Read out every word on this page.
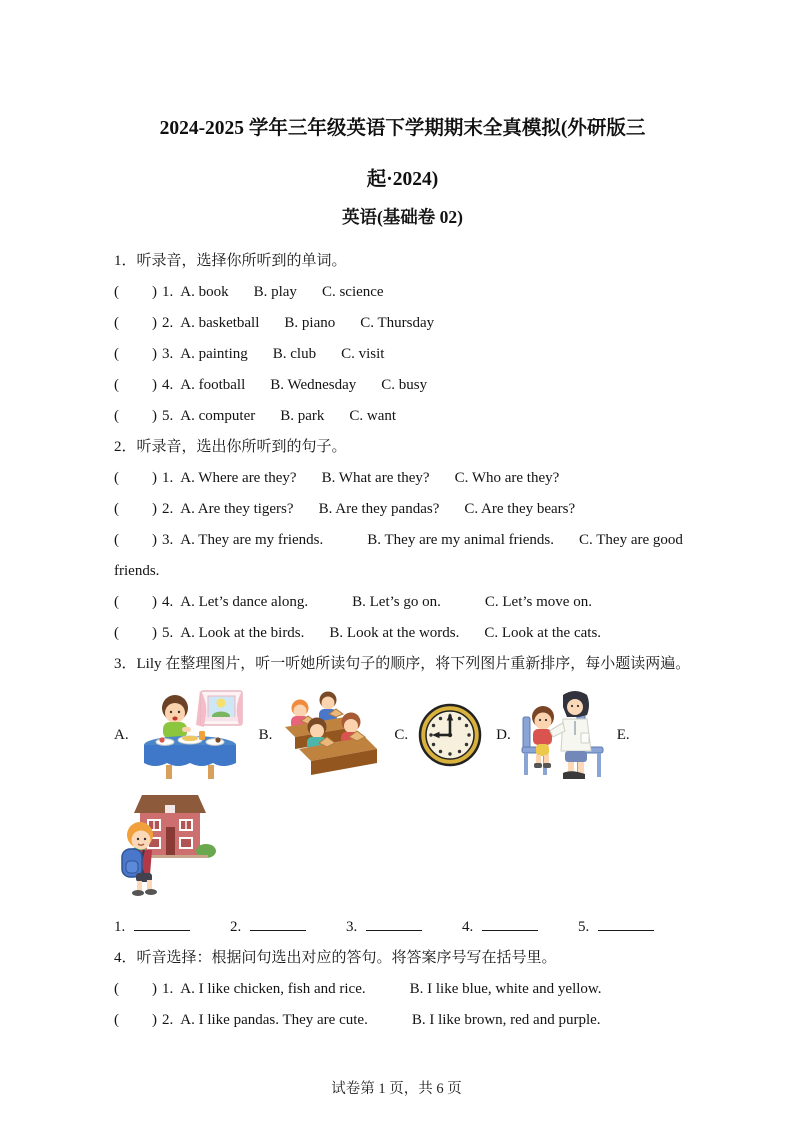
2024-2025 学年三年级英语下学期期末全真模拟(外研版三
起·2024)
英语(基础卷 02)
1．听录音，选择你所听到的单词。
( ) 1. A. book B. play C. science
( ) 2. A. basketball B. piano C. Thursday
( ) 3. A. painting B. club C. visit
( ) 4. A. football B. Wednesday C. busy
( ) 5. A. computer B. park C. want
2．听录音，选出你所听到的句子。
( ) 1. A. Where are they? B. What are they? C. Who are they?
( ) 2. A. Are they tigers? B. Are they pandas? C. Are they bears?
( ) 3. A. They are my friends.	B. They are my animal friends. C. They are good friends.
( ) 4. A. Let’s dance along.	B. Let’s go on.	C. Let’s move on.
( ) 5. A. Look at the birds. B. Look at the words. C. Look at the cats.
3．Lily 在整理图片，听一听她所读句子的顺序，将下列图片重新排序，每小题读两遍。
A.	B.	C.	D.	E.
1.	2.	3.	4.	5.
4．听音选择：根据问句选出对应的答句。将答案序号写在括号里。
( ) 1. A. I like chicken, fish and rice.	B. I like blue, white and yellow.
( ) 2. A. I like pandas. They are cute.	B. I like brown, red and purple.
试卷第 1 页，共 6 页
